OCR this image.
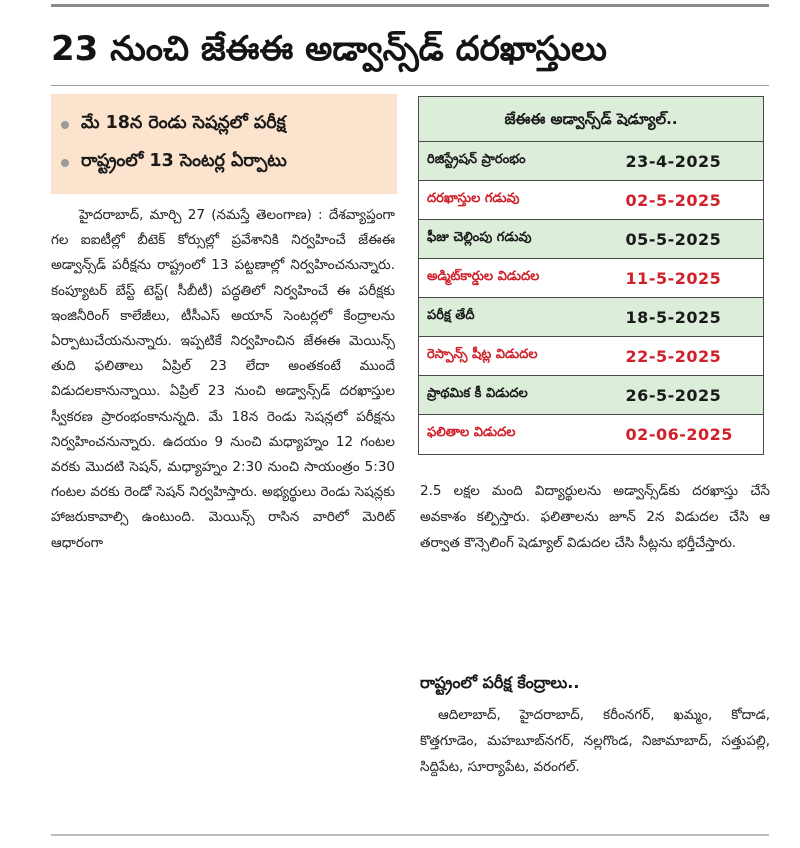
23 నుంచి జేఈఈ అడ్వాన్స్‌డ్‌ దరఖాస్తులు
మే 18న రెండు సెషన్లలో పరీక్ష
రాష్ట్రంలో 13 సెంటర్ల ఏర్పాటు

హైదరాబాద్‌, మార్చి 27 (నమస్తే తెలంగాణ) : దేశవ్యాప్తంగా గల ఐఐటీల్లో బీటెక్‌ కోర్సుల్లో ప్రవేశానికి నిర్వహించే జేఈఈ అడ్వాన్స్‌డ్‌ పరీక్షను రాష్ట్రంలో 13 పట్టణాల్లో నిర్వహించనున్నారు. కంప్యూటర్‌ బేస్ట్‌ టెస్ట్‌( సీబీటీ) పద్ధతిలో నిర్వహించే ఈ పరీక్షకు ఇంజినీరింగ్‌ కాలేజీలు, టీసీఎస్‌ అయాన్‌ సెంటర్లలో కేంద్రాలను ఏర్పాటుచేయనున్నారు. ఇప్పటికే నిర్వహించిన జేఈఈ మెయిన్స్‌ తుది ఫలితాలు ఏప్రిల్‌ 23 లేదా అంతకంటే ముందే విడుదలకానున్నాయి. ఏప్రిల్‌ 23 నుంచి అడ్వాన్స్‌డ్‌ దరఖాస్తుల స్వీకరణ ప్రారంభంకానున్నది. మే 18న రెండు సెషన్లలో పరీక్షను నిర్వహించనున్నారు. ఉదయం 9 నుంచి మధ్యాహ్నం 12 గంటల వరకు మొదటి సెషన్‌, మధ్యాహ్నం 2:30 నుంచి సాయంత్రం 5:30 గంటల వరకు రెండో సెషన్‌ నిర్వహిస్తారు. అభ్యర్థులు రెండు సెషన్లకు హాజరుకావాల్సి ఉంటుంది. మెయిన్స్‌ రాసిన వారిలో మెరిట్‌ ఆధారంగా

జేఈఈ అడ్వాన్స్‌డ్‌ షెడ్యూల్‌..
రిజిస్ట్రేషన్‌ ప్రారంభం	23-4-2025
దరఖాస్తుల గడువు	02-5-2025
ఫీజు చెల్లింపు గడువు	05-5-2025
అడ్మిట్‌కార్డుల విడుదల	11-5-2025
పరీక్ష తేదీ	18-5-2025
రెస్పాన్స్‌ షీట్ల విడుదల	22-5-2025
ప్రాథమిక కీ విడుదల	26-5-2025
ఫలితాల విడుదల	02-06-2025
2.5 లక్షల మంది విద్యార్థులను అడ్వాన్స్‌డ్‌కు దరఖాస్తు చేసే అవకాశం కల్పిస్తారు. ఫలితాలను జూన్‌ 2న విడుదల చేసి ఆ తర్వాత కౌన్సెలింగ్‌ షెడ్యూల్‌ విడుదల చేసి సీట్లను భర్తీచేస్తారు.
రాష్ట్రంలో పరీక్ష కేంద్రాలు..
ఆదిలాబాద్‌, హైదరాబాద్‌, కరీంనగర్‌, ఖమ్మం, కోదాడ, కొత్తగూడెం, మహబూబ్‌నగర్‌, నల్లగొండ, నిజామాబాద్‌, సత్తుపల్లి, సిద్దిపేట, సూర్యాపేట, వరంగల్‌.
